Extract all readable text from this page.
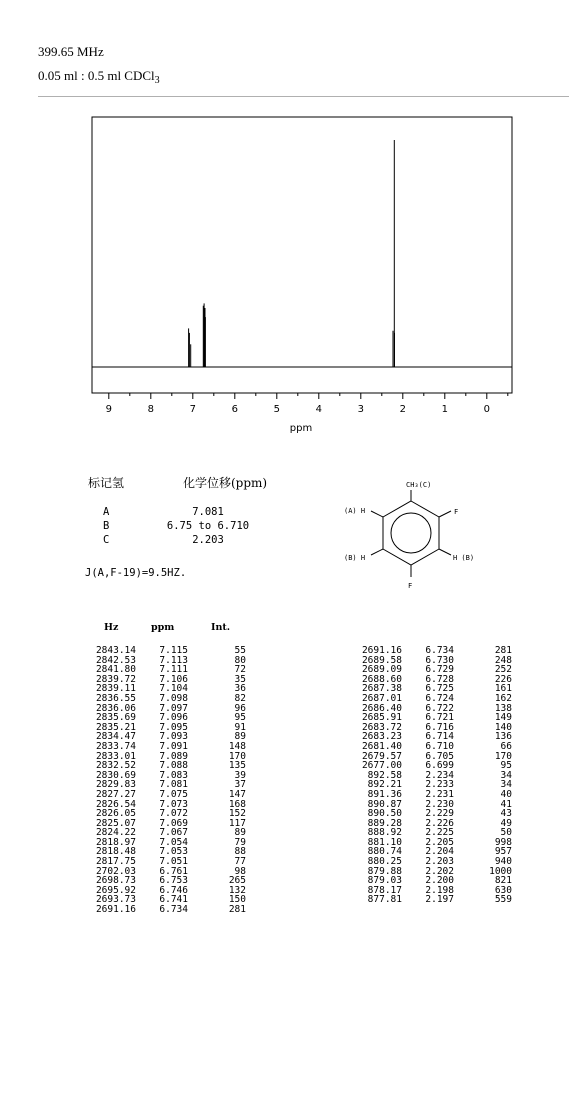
399.65 MHz
0.05 ml : 0.5 ml CDCl$_3$
9	8	7	6	5	4	3	2	1	0
ppm
标记氢	化学位移(ppm)
A	7.081
B	6.75 to 6.710
C	2.203
J(A,F-19)=9.5HZ.
CH₃(C)
F
F
(A) H
(B) H	H (B)
Hz	ppm	Int.
2843.14 7.115	55
2842.53 7.113	80
2841.80 7.111	72
2839.72 7.106	35
2839.11 7.104	36
2836.55 7.098	82
2836.06 7.097	96
2835.69 7.096	95
2835.21 7.095	91
2834.47 7.093	89
2833.74 7.091	148
2833.01 7.089	170
2832.52 7.088	135
2830.69 7.083	39
2829.83 7.081	37
2827.27 7.075	147
2826.54 7.073	168
2826.05 7.072	152
2825.07 7.069	117
2824.22 7.067	89
2818.97 7.054	79
2818.48 7.053	88
2817.75 7.051	77
2702.03 6.761	98
2698.73 6.753	265
2695.92 6.746	132
2693.73 6.741	150
2691.16 6.734	281
2691.16 6.734	281
2689.58 6.730	248
2689.09 6.729	252
2688.60 6.728	226
2687.38 6.725	161
2687.01 6.724	162
2686.40 6.722	138
2685.91 6.721	149
2683.72 6.716	140
2683.23 6.714	136
2681.40 6.710	66
2679.57 6.705	170
2677.00 6.699	95
892.58 2.234	34
892.21 2.233	34
891.36 2.231	40
890.87 2.230	41
890.50 2.229	43
889.28 2.226	49
888.92 2.225	50
881.10 2.205	998
880.74 2.204	957
880.25 2.203	940
879.88 2.202	1000
879.03 2.200	821
878.17 2.198	630
877.81 2.197	559
